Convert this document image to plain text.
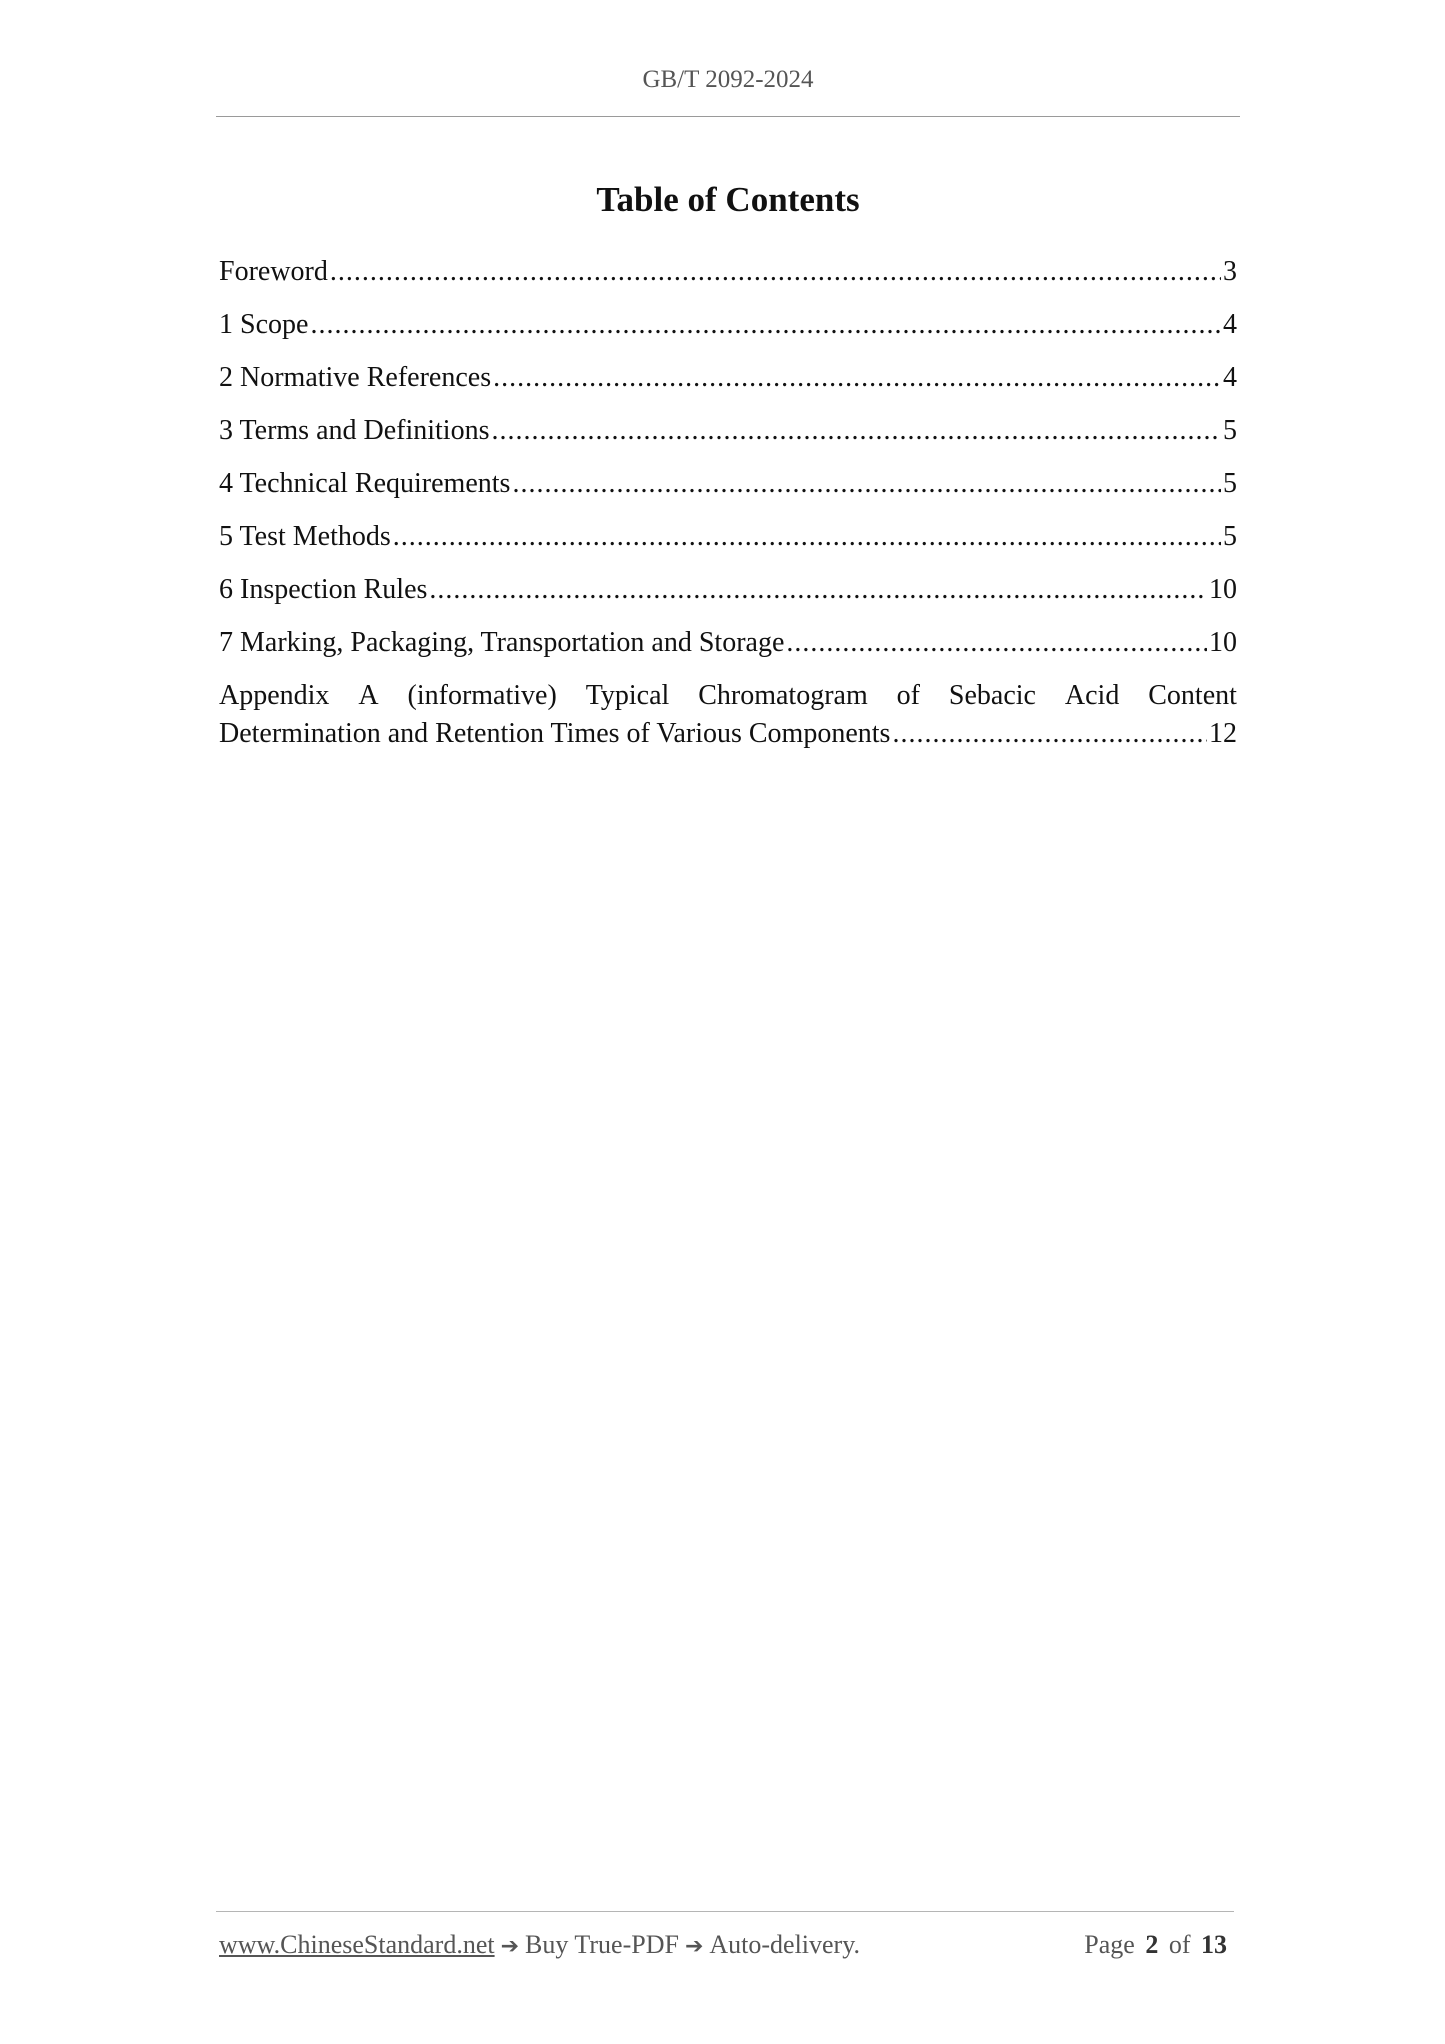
GB/T 2092-2024
Table of Contents
Foreword .....	3
1 Scope .....	4
2 Normative References .....	4
3 Terms and Definitions .....	5
4 Technical Requirements .....	5
5 Test Methods .....	5
6 Inspection Rules .....	10
7 Marking, Packaging, Transportation and Storage .....	10
Appendix A (informative) Typical Chromatogram of Sebacic Acid Content
Determination and Retention Times of Various Components .....	12
www.ChineseStandard.net ➔ Buy True-PDF ➔ Auto-delivery.	Page 2 of 13
